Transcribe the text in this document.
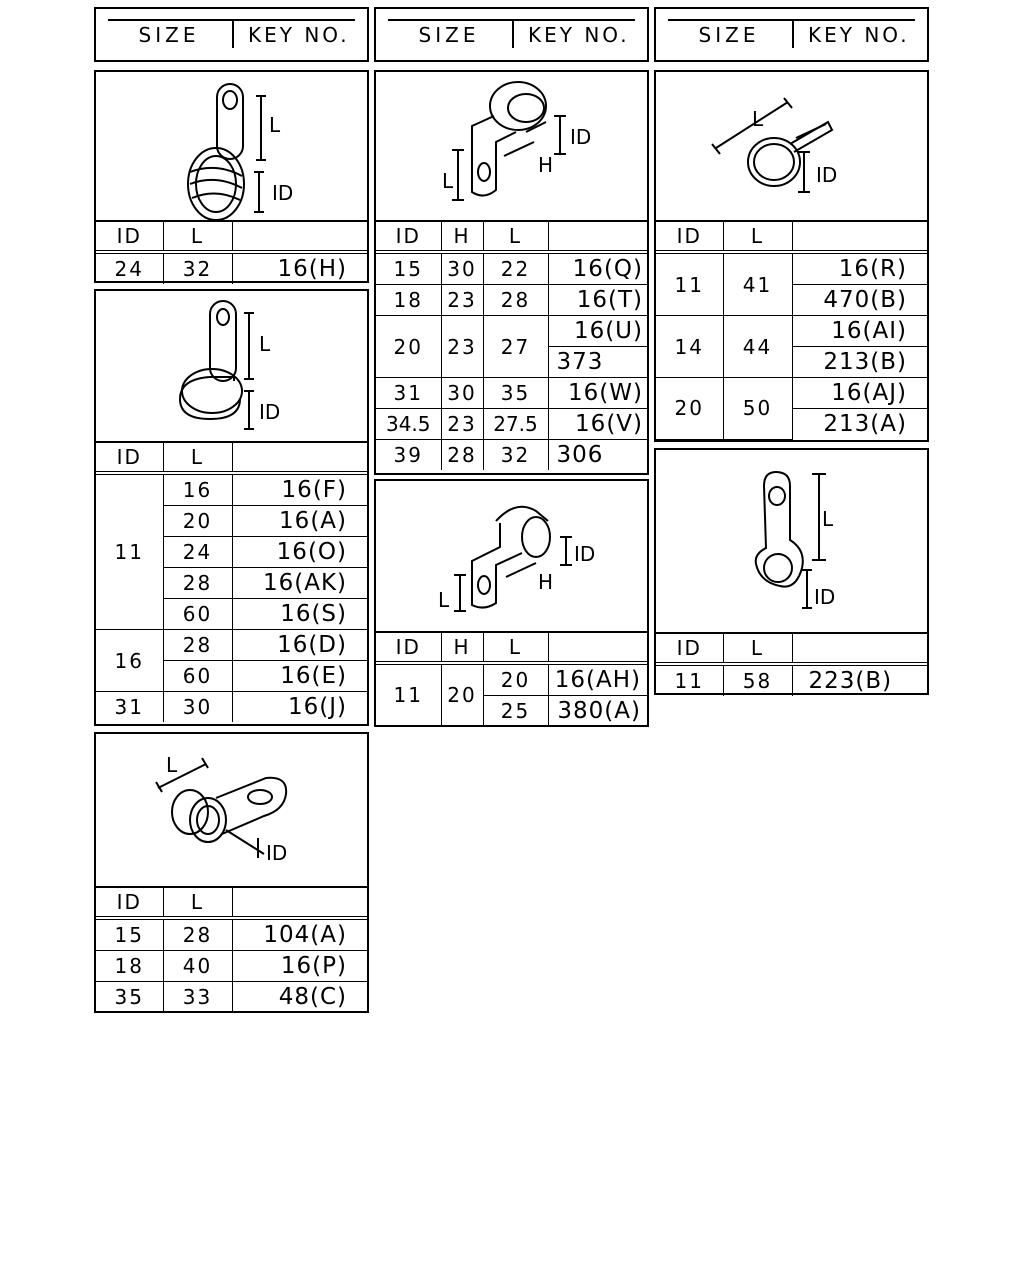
SIZE	KEY NO.	SIZE	KEY NO.	SIZE	KEY NO.
L
ID
ID	L	
24	32	16(H)
L
ID
ID	L	
11	16	16(F)
	20	16(A)
	24	16(O)
	28	16(AK)
	60	16(S)
16	28	16(D)
	60	16(E)
31	30	16(J)
L
ID
ID	L	
15	28	104(A)
18	40	16(P)
35	33	48(C)
L
H
ID
ID	H	L	
15	30	22	16(Q)
18	23	28	16(T)
20	23	27	16(U)
			373
31	30	35	16(W)
34.5	23	27.5	16(V)
39	28	32	306
L
H
ID
ID	H	L	
11	20	20	16(AH)
		25	380(A)
L
ID
ID	L	
11	41	16(R)
		470(B)
14	44	16(AI)
		213(B)
20	50	16(AJ)
		213(A)
L
ID
ID	L	
11	58	223(B)
